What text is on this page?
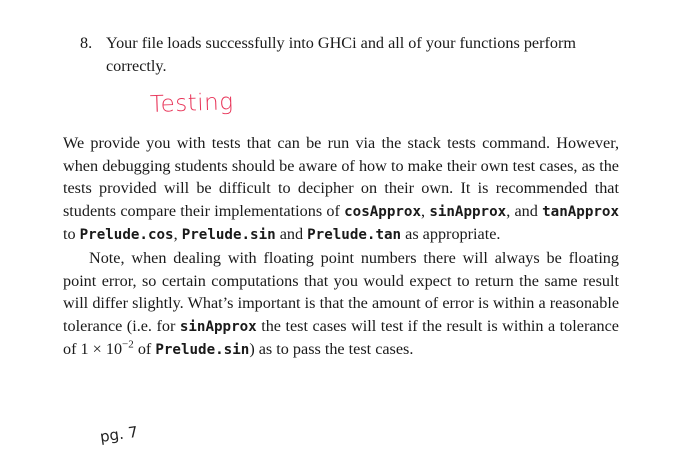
8. Your file loads successfully into GHCi and all of your functions perform correctly.
Testing

We provide you with tests that can be run via the stack tests command. However, when debugging students should be aware of how to make their own test cases, as the tests provided will be difficult to decipher on their own. It is recommended that students compare their implementations of cosApprox, sinApprox, and tanApprox to Prelude.cos, Prelude.sin and Prelude.tan as appropriate.

Note, when dealing with floating point numbers there will always be floating point error, so certain computations that you would expect to return the same result will differ slightly. What’s important is that the amount of error is within a reasonable tolerance (i.e. for sinApprox the test cases will test if the result is within a tolerance of $1 \times 10^{-2}$ of Prelude.sin) as to pass the test cases.

pg. 7
